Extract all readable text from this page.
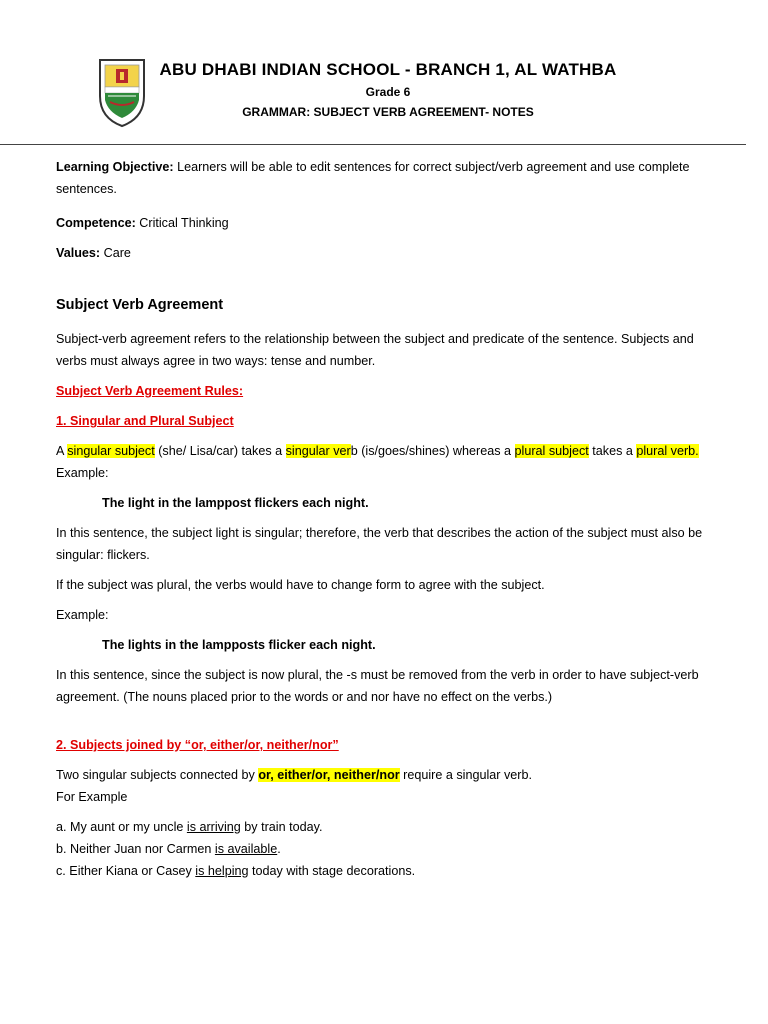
ABU DHABI INDIAN SCHOOL - BRANCH 1, AL WATHBA
Grade 6
GRAMMAR: SUBJECT VERB AGREEMENT- NOTES

Learning Objective: Learners will be able to edit sentences for correct subject/verb agreement and use complete sentences.

Competence: Critical Thinking

Values: Care

Subject Verb Agreement

Subject-verb agreement refers to the relationship between the subject and predicate of the sentence. Subjects and verbs must always agree in two ways: tense and number.

Subject Verb Agreement Rules:

1. Singular and Plural Subject

A singular subject (she/ Lisa/car) takes a singular verb (is/goes/shines) whereas a plural subject takes a plural verb.

Example:

The light in the lamppost flickers each night.

In this sentence, the subject light is singular; therefore, the verb that describes the action of the subject must also be singular: flickers.

If the subject was plural, the verbs would have to change form to agree with the subject.

Example:

The lights in the lampposts flicker each night.

In this sentence, since the subject is now plural, the -s must be removed from the verb in order to have subject-verb agreement. (The nouns placed prior to the words or and nor have no effect on the verbs.)

2. Subjects joined by “or, either/or, neither/nor”

Two singular subjects connected by or, either/or, neither/nor require a singular verb.

For Example

a. My aunt or my uncle is arriving by train today.

b. Neither Juan nor Carmen is available.

c. Either Kiana or Casey is helping today with stage decorations.
